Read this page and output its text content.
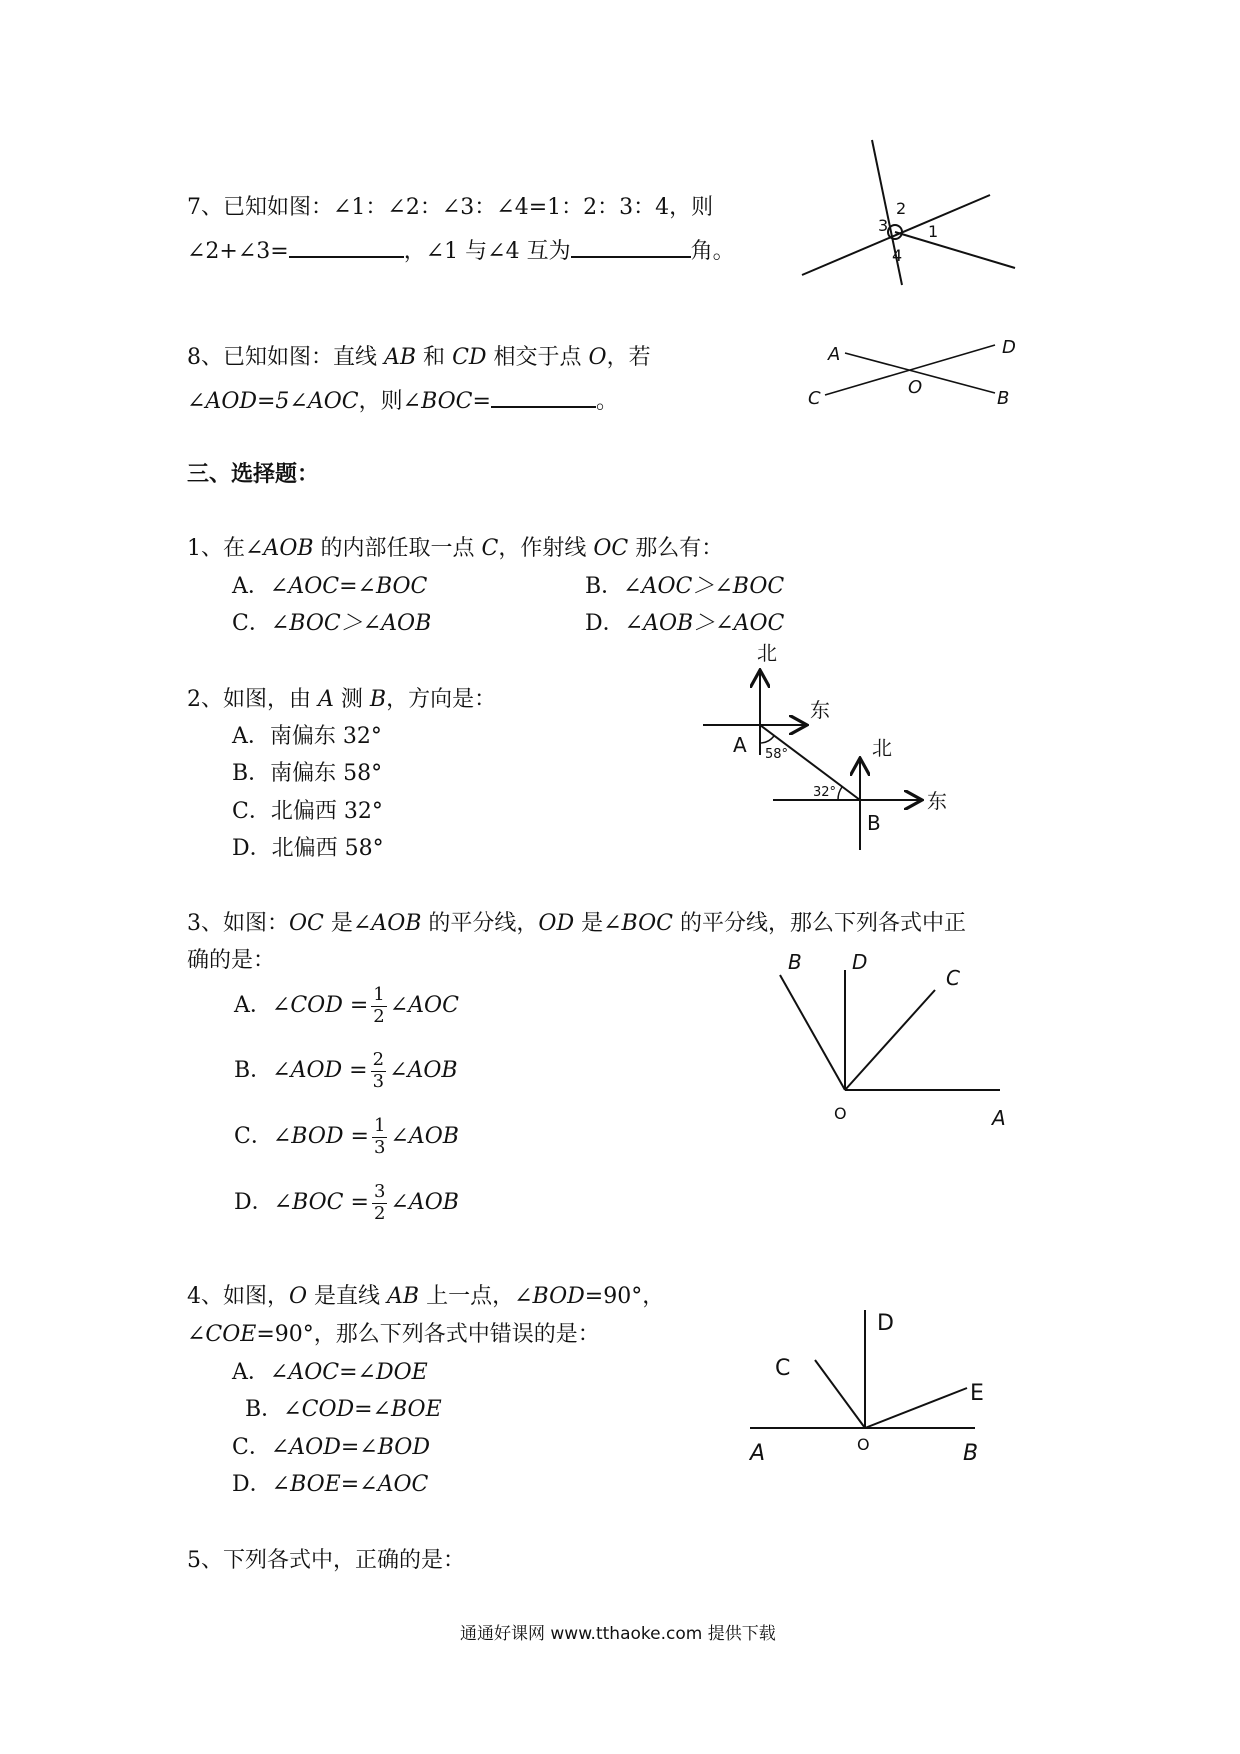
7、已知如图：∠1：∠2：∠3：∠4=1：2：3：4，则
∠2+∠3=	，∠1 与∠4 互为	角。
3
2
1
4
8、已知如图：直线 AB 和 CD 相交于点 O，若
∠AOD=5∠AOC，则∠BOC=	。
A	D
C
O
B
三、选择题：
1、在∠AOB 的内部任取一点 C，作射线 OC 那么有：
A．∠AOC=∠BOC	B．∠AOC＞∠BOC
C．∠BOC＞∠AOB	D．∠AOB＞∠AOC
2、如图，由 A 测 B，方向是：
A．南偏东 32°
B．南偏东 58°
C．北偏西 32°
D．北偏西 58°
北
东
A 58°	北
32°
B
东
3、如图：OC 是∠AOB 的平分线，OD 是∠BOC 的平分线，那么下列各式中正
确的是：
A． ∠COD = $\frac{1}{2}$ ∠AOC
B． ∠AOD = $\frac{2}{3}$ ∠AOB
C． ∠BOD = $\frac{1}{3}$ ∠AOB
D． ∠BOC = $\frac{3}{2}$ ∠AOB
B	D
C
O	A
4、如图，O 是直线 AB 上一点，∠BOD=90°，
∠COE=90°，那么下列各式中错误的是：
A．∠AOC=∠DOE
B．∠COD=∠BOE
C．∠AOD=∠BOD
D．∠BOE=∠AOC
C
D
E
A	O	B
5、下列各式中，正确的是：
通通好课网 www.tthaoke.com 提供下载
